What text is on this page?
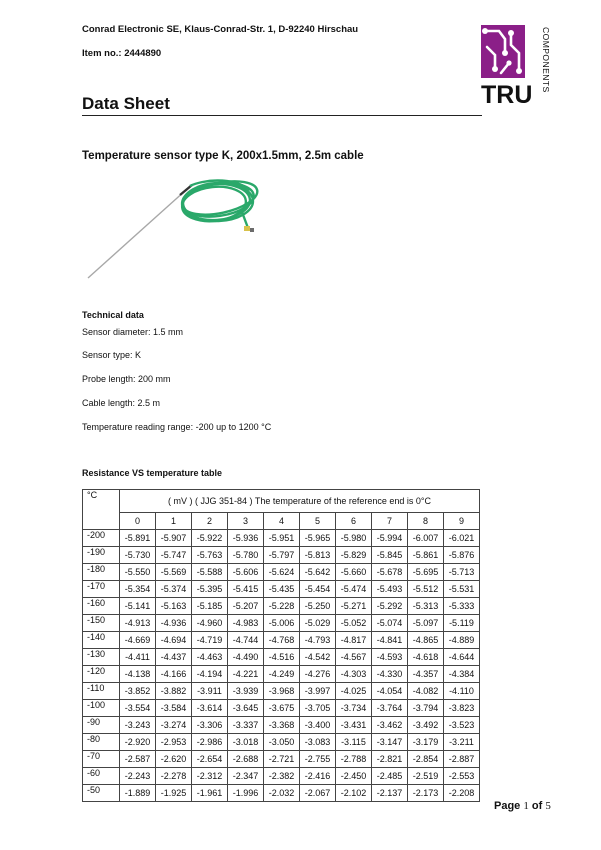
Conrad Electronic SE, Klaus-Conrad-Str. 1, D-92240 Hirschau
Item no.: 2444890
TRU
COMPONENTS
Data Sheet
Temperature sensor type K, 200x1.5mm, 2.5m cable
Technical data
Sensor diameter: 1.5 mm
Sensor type: K
Probe length: 200 mm
Cable length: 2.5 m
Temperature reading range: -200 up to 1200 °C
Resistance VS temperature table
°C	( mV ) ( JJG 351-84 ) The temperature of the reference end is 0°C									
	0	1	2	3	4	5	6	7	8	9
-200	-5.891	-5.907	-5.922	-5.936	-5.951	-5.965	-5.980	-5.994	-6.007	-6.021
-190	-5.730	-5.747	-5.763	-5.780	-5.797	-5.813	-5.829	-5.845	-5.861	-5.876
-180	-5.550	-5.569	-5.588	-5.606	-5.624	-5.642	-5.660	-5.678	-5.695	-5.713
-170	-5.354	-5.374	-5.395	-5.415	-5.435	-5.454	-5.474	-5.493	-5.512	-5.531
-160	-5.141	-5.163	-5.185	-5.207	-5.228	-5.250	-5.271	-5.292	-5.313	-5.333
-150	-4.913	-4.936	-4.960	-4.983	-5.006	-5.029	-5.052	-5.074	-5.097	-5.119
-140	-4.669	-4.694	-4.719	-4.744	-4.768	-4.793	-4.817	-4.841	-4.865	-4.889
-130	-4.411	-4.437	-4.463	-4.490	-4.516	-4.542	-4.567	-4.593	-4.618	-4.644
-120	-4.138	-4.166	-4.194	-4.221	-4.249	-4.276	-4.303	-4.330	-4.357	-4.384
-110	-3.852	-3.882	-3.911	-3.939	-3.968	-3.997	-4.025	-4.054	-4.082	-4.110
-100	-3.554	-3.584	-3.614	-3.645	-3.675	-3.705	-3.734	-3.764	-3.794	-3.823
-90	-3.243	-3.274	-3.306	-3.337	-3.368	-3.400	-3.431	-3.462	-3.492	-3.523
-80	-2.920	-2.953	-2.986	-3.018	-3.050	-3.083	-3.115	-3.147	-3.179	-3.211
-70	-2.587	-2.620	-2.654	-2.688	-2.721	-2.755	-2.788	-2.821	-2.854	-2.887
-60	-2.243	-2.278	-2.312	-2.347	-2.382	-2.416	-2.450	-2.485	-2.519	-2.553
-50	-1.889	-1.925	-1.961	-1.996	-2.032	-2.067	-2.102	-2.137	-2.173	-2.208
Page 1 of 5
